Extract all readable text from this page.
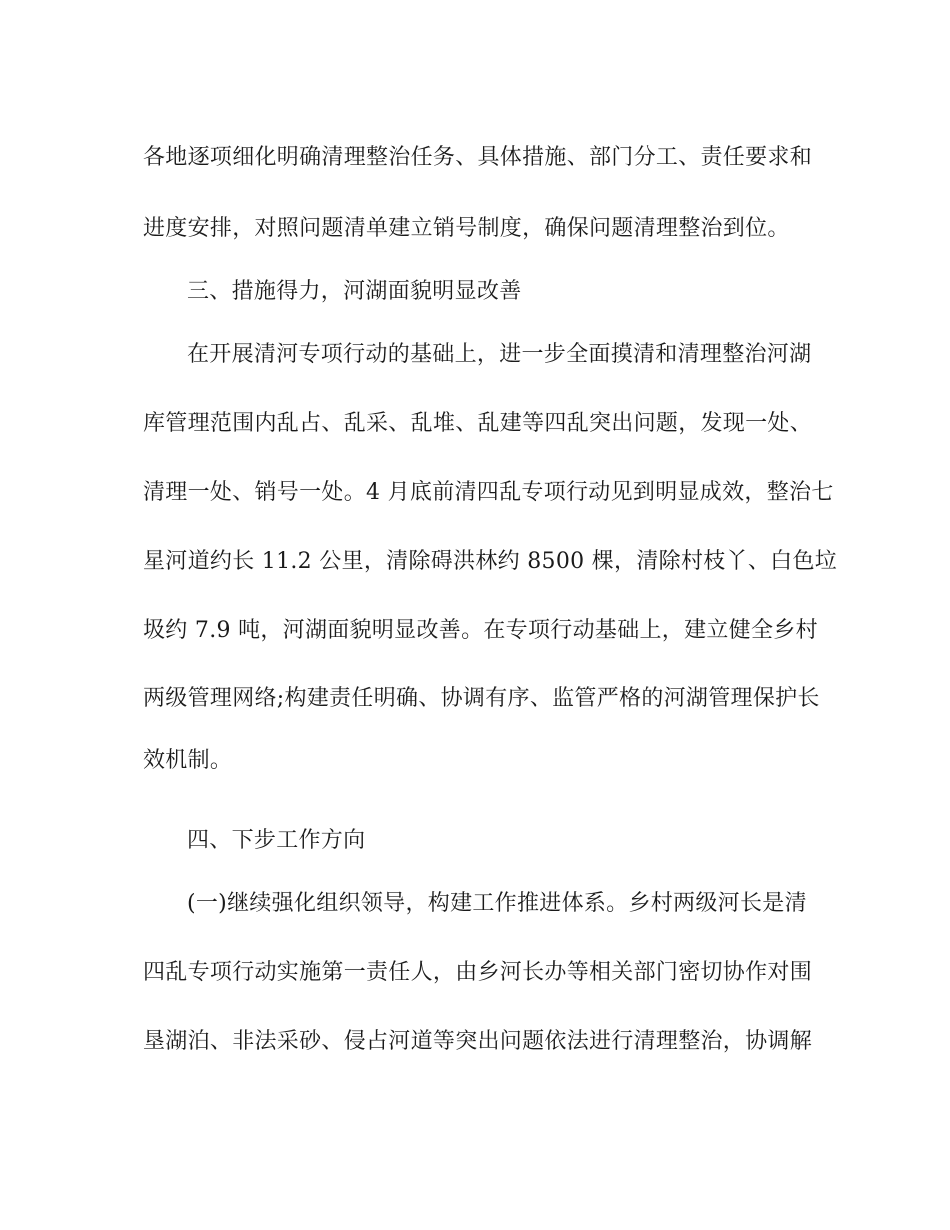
各地逐项细化明确清理整治任务、具体措施、部门分工、责任要求和
进度安排，对照问题清单建立销号制度，确保问题清理整治到位。
三、措施得力，河湖面貌明显改善
在开展清河专项行动的基础上，进一步全面摸清和清理整治河湖
库管理范围内乱占、乱采、乱堆、乱建等四乱突出问题，发现一处、
清理一处、销号一处。4 月底前清四乱专项行动见到明显成效，整治七
星河道约长 11.2 公里，清除碍洪林约 8500 棵，清除村枝丫、白色垃
圾约 7.9 吨，河湖面貌明显改善。在专项行动基础上，建立健全乡村
两级管理网络;构建责任明确、协调有序、监管严格的河湖管理保护长
效机制。
四、下步工作方向
(一)继续强化组织领导，构建工作推进体系。乡村两级河长是清
四乱专项行动实施第一责任人，由乡河长办等相关部门密切协作对围
垦湖泊、非法采砂、侵占河道等突出问题依法进行清理整治，协调解
